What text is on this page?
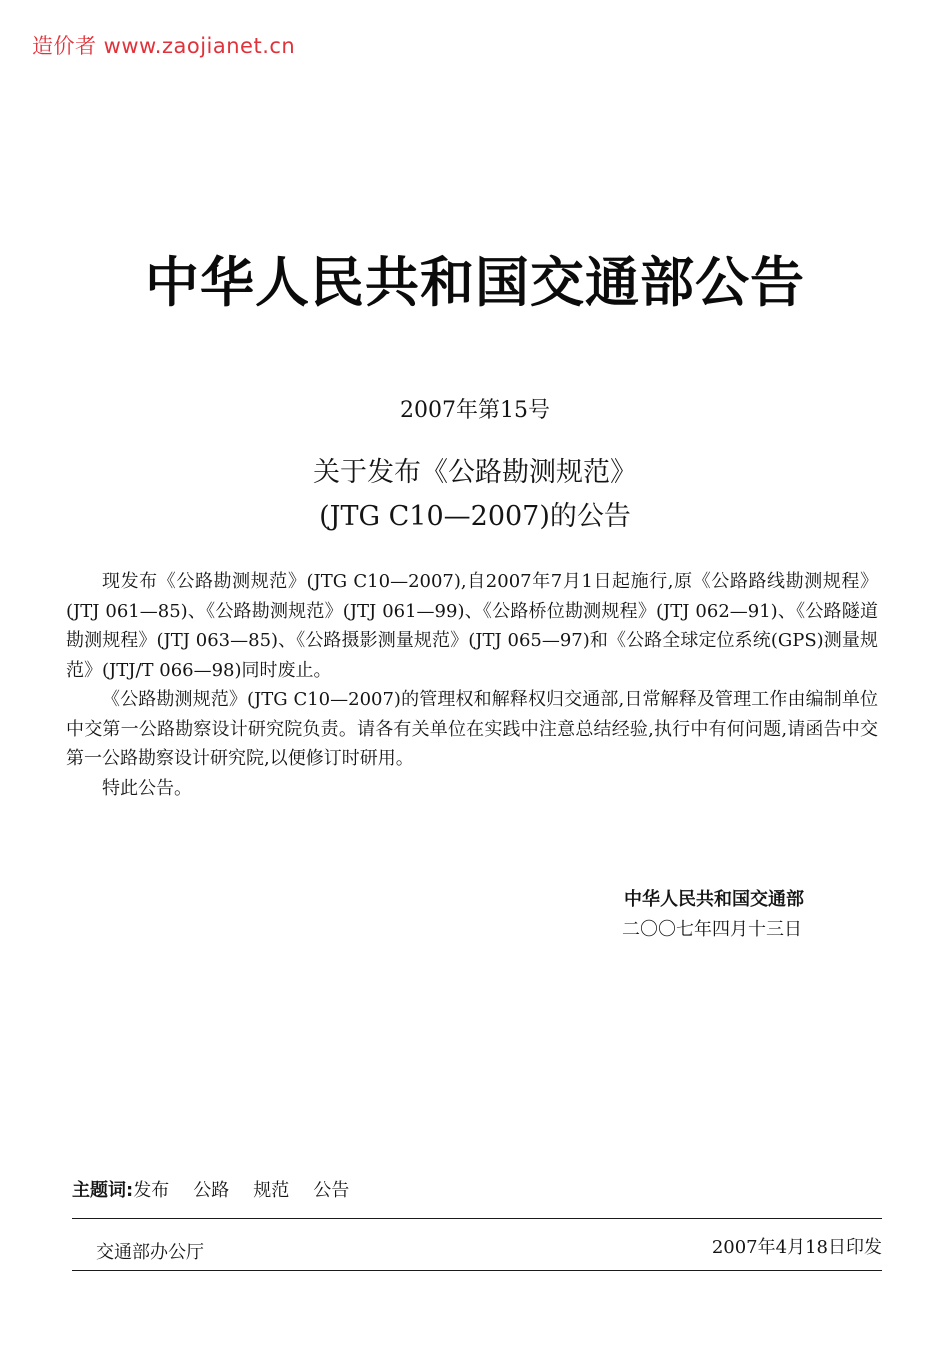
造价者 www.zaojianet.cn
中华人民共和国交通部公告
2007年第15号
关于发布《公路勘测规范》
(JTG C10—2007)的公告

现发布《公路勘测规范》(JTG C10—2007),自2007年7月1日起施行,原《公路路线勘测规程》(JTJ 061—85)、《公路勘测规范》(JTJ 061—99)、《公路桥位勘测规程》(JTJ 062—91)、《公路隧道勘测规程》(JTJ 063—85)、《公路摄影测量规范》(JTJ 065—97)和《公路全球定位系统(GPS)测量规范》(JTJ/T 066—98)同时废止。

《公路勘测规范》(JTG C10—2007)的管理权和解释权归交通部,日常解释及管理工作由编制单位中交第一公路勘察设计研究院负责。请各有关单位在实践中注意总结经验,执行中有何问题,请函告中交第一公路勘察设计研究院,以便修订时研用。

特此公告。

中华人民共和国交通部
二〇〇七年四月十三日
主题词:发布 公路 规范 公告
交通部办公厅	2007年4月18日印发
